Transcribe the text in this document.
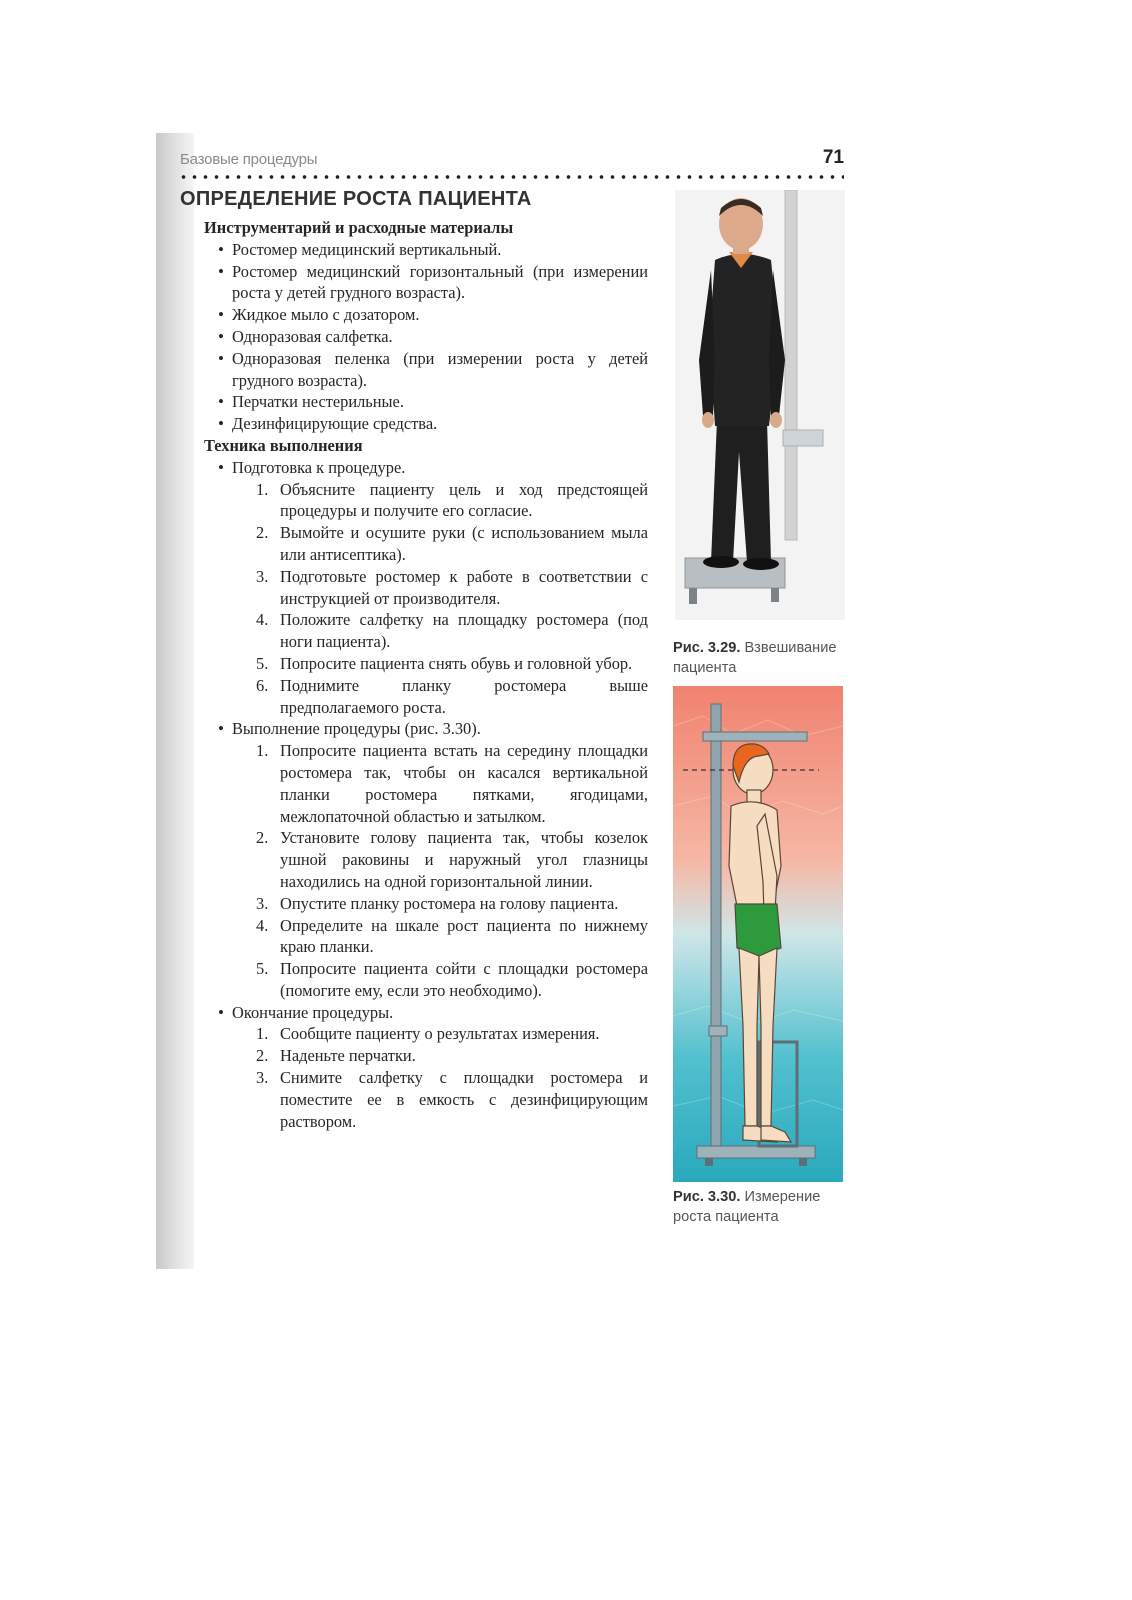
Базовые процедуры	71
ОПРЕДЕЛЕНИЕ РОСТА ПАЦИЕНТА

Инструментарий и расходные материалы

• Ростомер медицинский вертикальный.
• Ростомер медицинский горизонтальный (при измерении роста у детей грудного возраста).
• Жидкое мыло с дозатором.
• Одноразовая салфетка.
• Одноразовая пеленка (при измерении роста у детей грудного возраста).
• Перчатки нестерильные.
• Дезинфицирующие средства.

Техника выполнения

• Подготовка к процедуре.
1. Объясните пациенту цель и ход предстоящей процедуры и получите его согласие.
2. Вымойте и осушите руки (с использованием мыла или антисептика).
3. Подготовьте ростомер к работе в соответствии с инструкцией от производителя.
4. Положите салфетку на площадку ростомера (под ноги пациента).
5. Попросите пациента снять обувь и головной убор.
6. Поднимите планку ростомера выше предполагаемого роста.
• Выполнение процедуры (рис. 3.30).
1. Попросите пациента встать на середину площадки ростомера так, чтобы он касался вертикальной планки ростомера пятками, ягодицами, межлопаточной областью и затылком.
2. Установите голову пациента так, чтобы козелок ушной раковины и наружный угол глазницы находились на одной горизонтальной линии.
3. Опустите планку ростомера на голову пациента.
4. Определите на шкале рост пациента по нижнему краю планки.
5. Попросите пациента сойти с площадки ростомера (помогите ему, если это необходимо).
• Окончание процедуры.
1. Сообщите пациенту о результатах измерения.
2. Наденьте перчатки.
3. Снимите салфетку с площадки ростомера и поместите ее в емкость с дезинфицирующим раствором.
Рис. 3.29. Взвешивание пациента
Рис. 3.30. Измерение роста пациента
